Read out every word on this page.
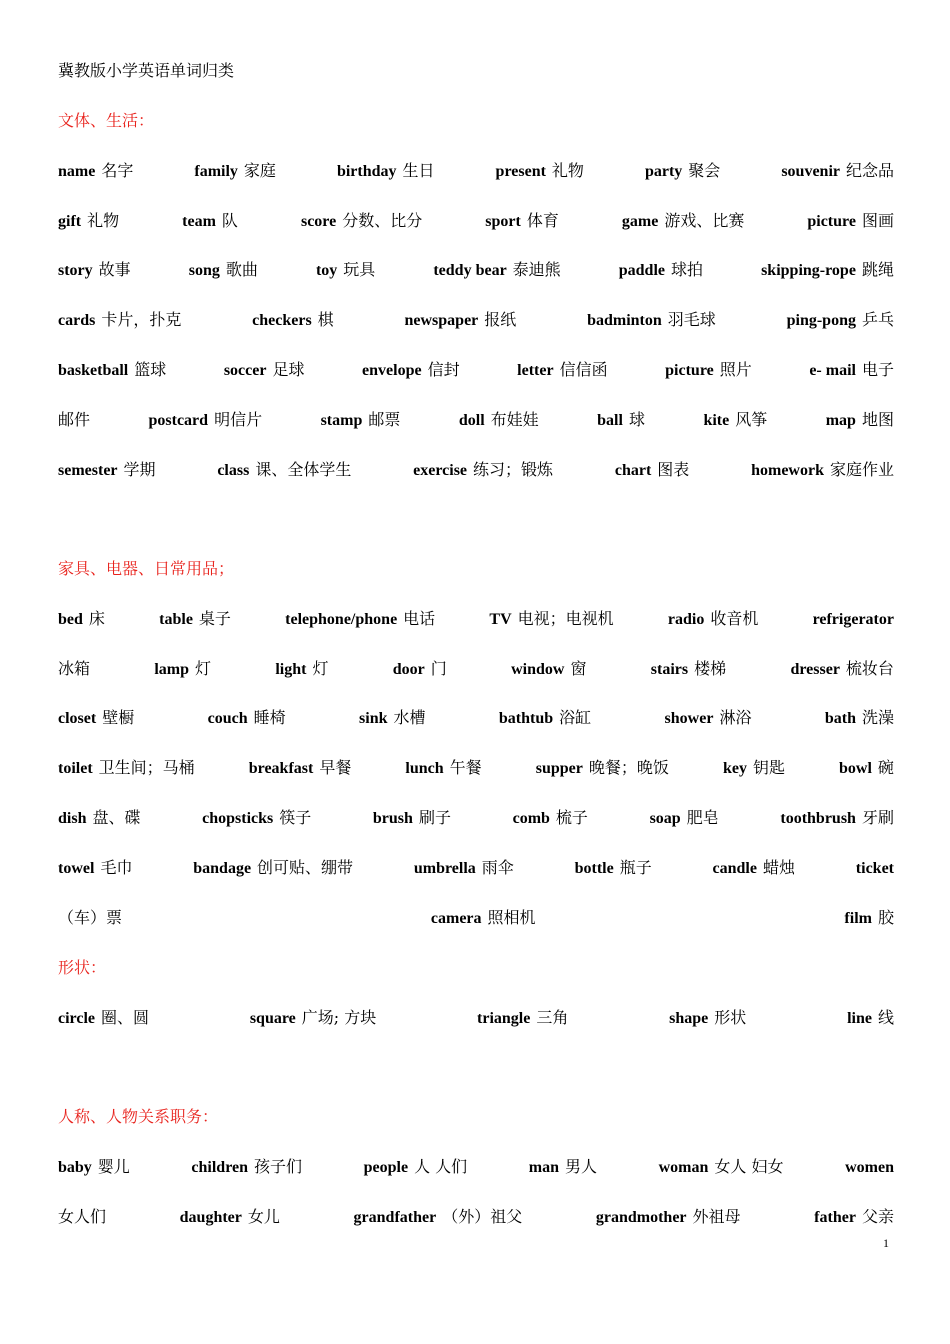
冀教版小学英语单词归类
文体、生活：
name 名字	family 家庭	birthday 生日	present 礼物	party 聚会	souvenir 纪念品
gift 礼物	team 队	score 分数、比分	sport 体育	game 游戏、比赛	picture 图画
story 故事	song 歌曲	toy 玩具	teddy bear 泰迪熊	paddle 球拍	skipping-rope 跳绳
cards 卡片，扑克	checkers 棋	newspaper 报纸	badminton 羽毛球	ping-pong 乒乓
basketball 篮球	soccer 足球	envelope 信封	letter 信信函	picture 照片	e- mail 电子
邮件	postcard 明信片	stamp 邮票	doll 布娃娃	ball 球	kite 风筝	map 地图
semester 学期	class 课、全体学生	exercise 练习；锻炼	chart 图表	homework 家庭作业
家具、电器、日常用品；
bed 床	table 桌子	telephone/phone 电话	TV 电视；电视机	radio 收音机	refrigerator
冰箱	lamp 灯	light 灯	door 门	window 窗	stairs 楼梯	dresser 梳妆台
closet 壁橱	couch 睡椅	sink 水槽	bathtub 浴缸	shower 淋浴	bath 洗澡
toilet 卫生间；马桶	breakfast 早餐	lunch 午餐	supper 晚餐；晚饭	key 钥匙	bowl 碗
dish 盘、碟	chopsticks 筷子	brush 刷子	comb 梳子	soap 肥皂	toothbrush 牙刷
towel 毛巾	bandage 创可贴、绷带	umbrella 雨伞	bottle 瓶子	candle 蜡烛	ticket
（车）票	camera 照相机	film 胶
形状：
circle 圈、圆	square 广场; 方块	triangle 三角	shape 形状	line 线
人称、人物关系职务：
baby 婴儿	children 孩子们	people 人 人们	man 男人	woman 女人 妇女	women
女人们	daughter 女儿	grandfather （外）祖父	grandmother 外祖母	father 父亲
1
